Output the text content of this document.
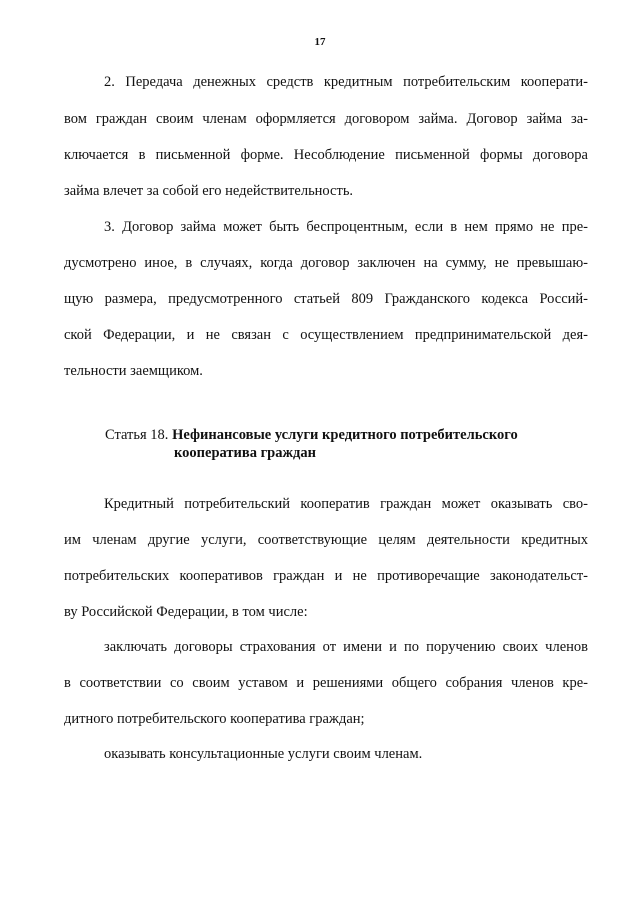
17
2. Передача денежных средств кредитным потребительским кооперати-
вом граждан своим членам оформляется договором займа. Договор займа за-
ключается в письменной форме. Несоблюдение письменной формы договора
займа влечет за собой его недействительность.
3. Договор займа может быть беспроцентным, если в нем прямо не пре-
дусмотрено иное, в случаях, когда договор заключен на сумму, не превышаю-
щую размера, предусмотренного статьей 809 Гражданского кодекса Россий-
ской Федерации, и не связан с осуществлением предпринимательской дея-
тельности заемщиком.
Статья 18. Нефинансовые услуги кредитного потребительского
кооператива граждан
Кредитный потребительский кооператив граждан может оказывать сво-
им членам другие услуги, соответствующие целям деятельности кредитных
потребительских кооперативов граждан и не противоречащие законодательст-
ву Российской Федерации, в том числе:
заключать договоры страхования от имени и по поручению своих членов
в соответствии со своим уставом и решениями общего собрания членов кре-
дитного потребительского кооператива граждан;
оказывать консультационные услуги своим членам.
